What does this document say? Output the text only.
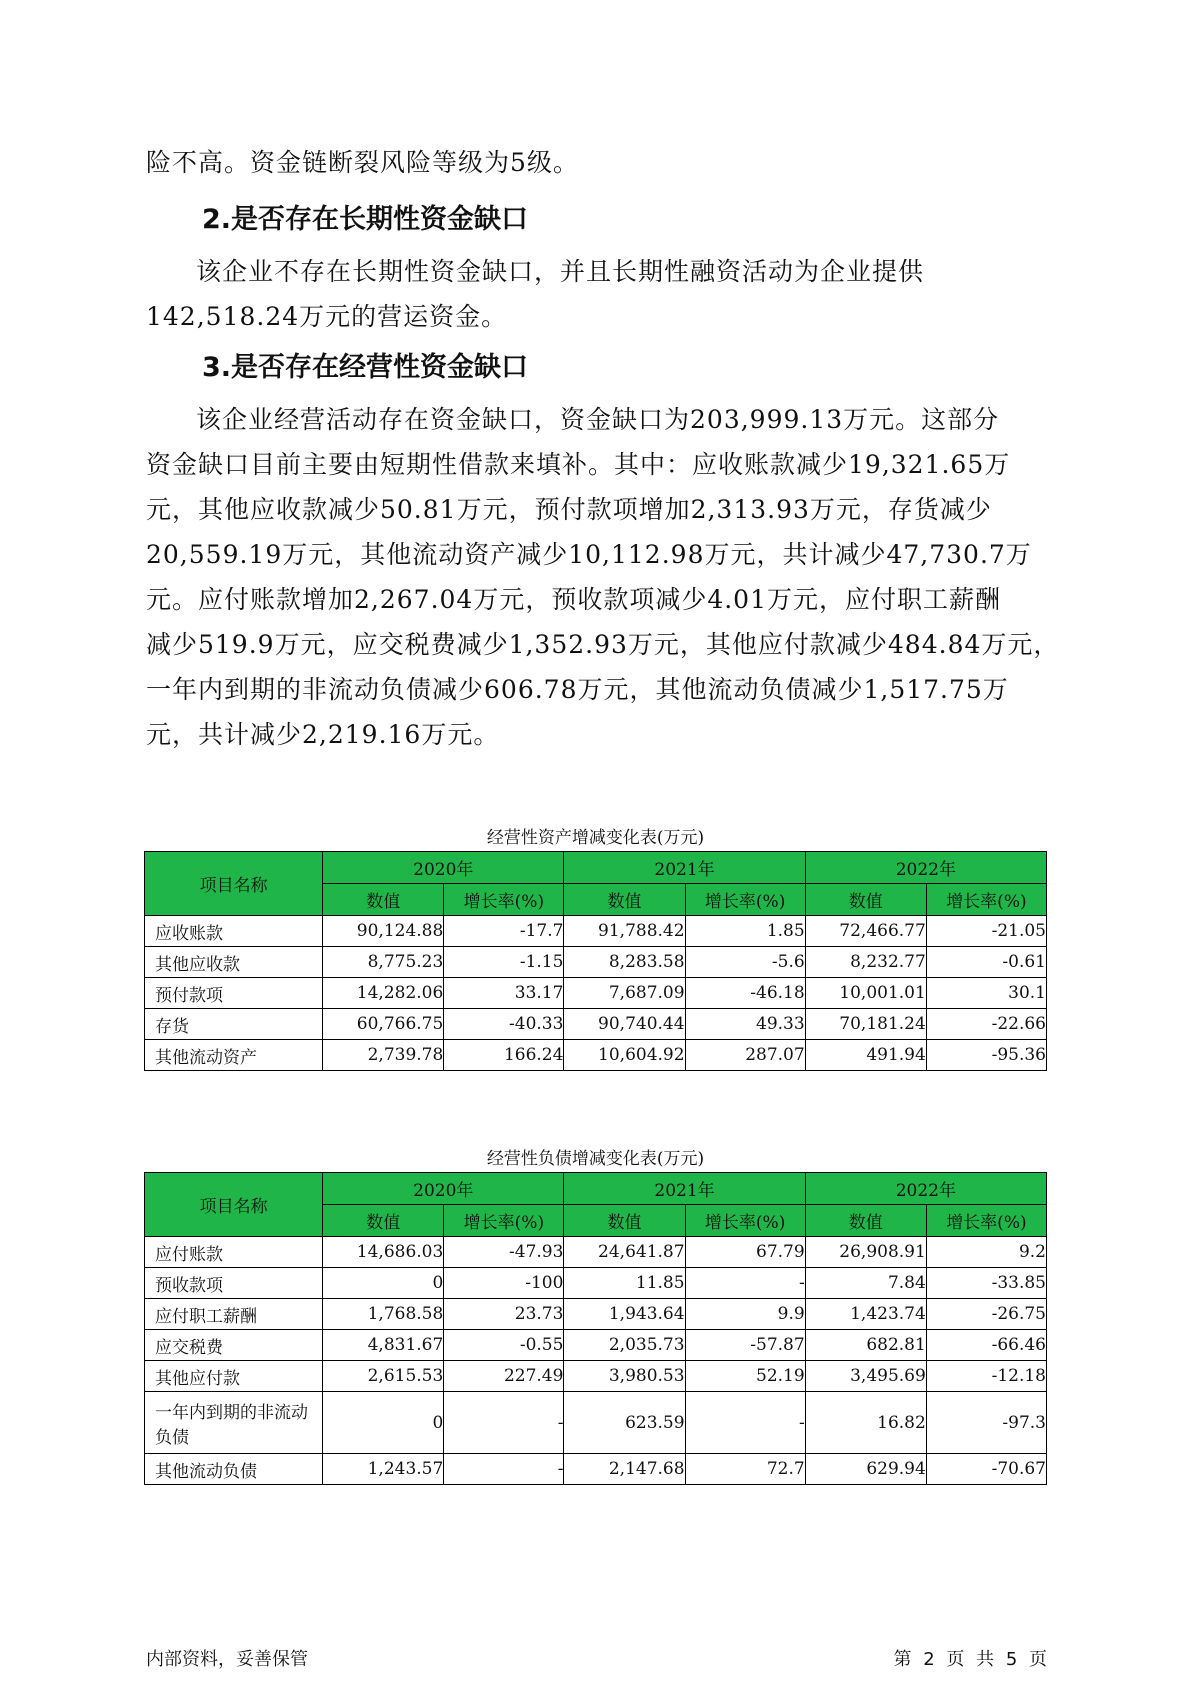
险不高。资金链断裂风险等级为5级。

2.是否存在长期性资金缺口

该企业不存在长期性资金缺口，并且长期性融资活动为企业提供
142,518.24万元的营运资金。

3.是否存在经营性资金缺口

该企业经营活动存在资金缺口，资金缺口为203,999.13万元。这部分
资金缺口目前主要由短期性借款来填补。其中：应收账款减少19,321.65万
元，其他应收款减少50.81万元，预付款项增加2,313.93万元，存货减少
20,559.19万元，其他流动资产减少10,112.98万元，共计减少47,730.7万
元。应付账款增加2,267.04万元，预收款项减少4.01万元，应付职工薪酬
减少519.9万元，应交税费减少1,352.93万元，其他应付款减少484.84万元，
一年内到期的非流动负债减少606.78万元，其他流动负债减少1,517.75万
元，共计减少2,219.16万元。

经营性资产增减变化表(万元)
项目名称	2020年		2021年		2022年	
	数值	增长率(%)	数值	增长率(%)	数值	增长率(%)
应收账款	90,124.88	-17.7	91,788.42	1.85	72,466.77	-21.05
其他应收款	8,775.23	-1.15	8,283.58	-5.6	8,232.77	-0.61
预付款项	14,282.06	33.17	7,687.09	-46.18	10,001.01	30.1
存货	60,766.75	-40.33	90,740.44	49.33	70,181.24	-22.66
其他流动资产	2,739.78	166.24	10,604.92	287.07	491.94	-95.36
经营性负债增减变化表(万元)
项目名称	2020年		2021年		2022年	
	数值	增长率(%)	数值	增长率(%)	数值	增长率(%)
应付账款	14,686.03	-47.93	24,641.87	67.79	26,908.91	9.2
预收款项	0	-100	11.85	-	7.84	-33.85
应付职工薪酬	1,768.58	23.73	1,943.64	9.9	1,423.74	-26.75
应交税费	4,831.67	-0.55	2,035.73	-57.87	682.81	-66.46
其他应付款	2,615.53	227.49	3,980.53	52.19	3,495.69	-12.18
一年内到期的非流动负债	0	-	623.59	-	16.82	-97.3
其他流动负债	1,243.57	-	2,147.68	72.7	629.94	-70.67
内部资料，妥善保管	第 2 页 共 5 页
